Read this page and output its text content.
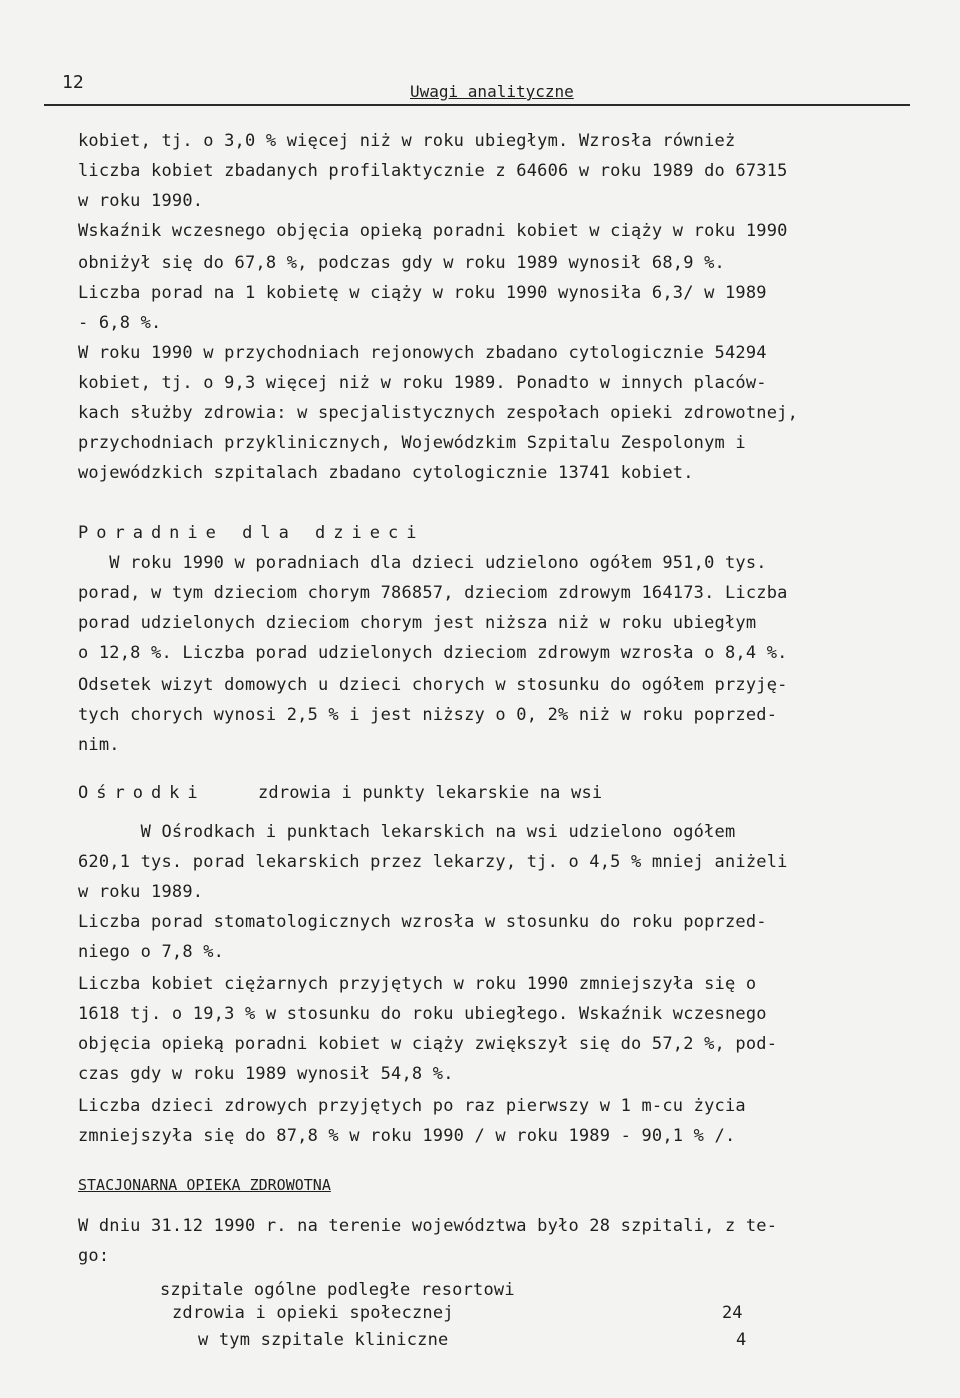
12	Uwagi analityczne
kobiet, tj. o 3,0 % więcej niż w roku ubiegłym. Wzrosła również
liczba kobiet zbadanych profilaktycznie z 64606 w roku 1989 do 67315
w roku 1990.
Wskaźnik wczesnego objęcia opieką poradni kobiet w ciąży w roku 1990
obniżył się do 67,8 %, podczas gdy w roku 1989 wynosił 68,9 %.
Liczba porad na 1 kobietę w ciąży w roku 1990 wynosiła 6,3/ w 1989
- 6,8 %.
W roku 1990 w przychodniach rejonowych zbadano cytologicznie 54294
kobiet, tj. o 9,3 więcej niż w roku 1989. Ponadto w innych placów-
kach służby zdrowia: w specjalistycznych zespołach opieki zdrowotnej,
przychodniach przyklinicznych, Wojewódzkim Szpitalu Zespolonym i
wojewódzkich szpitalach zbadano cytologicznie 13741 kobiet.
Poradnie dla dzieci
W roku 1990 w poradniach dla dzieci udzielono ogółem 951,0 tys.
porad, w tym dzieciom chorym 786857, dzieciom zdrowym 164173. Liczba
porad udzielonych dzieciom chorym jest niższa niż w roku ubiegłym
o 12,8 %. Liczba porad udzielonych dzieciom zdrowym wzrosła o 8,4 %.
Odsetek wizyt domowych u dzieci chorych w stosunku do ogółem przyję-
tych chorych wynosi 2,5 % i jest niższy o 0, 2% niż w roku poprzed-
nim.
Ośrodki	zdrowia i punkty lekarskie na wsi
W Ośrodkach i punktach lekarskich na wsi udzielono ogółem
620,1 tys. porad lekarskich przez lekarzy, tj. o 4,5 % mniej aniżeli
w roku 1989.
Liczba porad stomatologicznych wzrosła w stosunku do roku poprzed-
niego o 7,8 %.
Liczba kobiet ciężarnych przyjętych w roku 1990 zmniejszyła się o
1618 tj. o 19,3 % w stosunku do roku ubiegłego. Wskaźnik wczesnego
objęcia opieką poradni kobiet w ciąży zwiększył się do 57,2 %, pod-
czas gdy w roku 1989 wynosił 54,8 %.
Liczba dzieci zdrowych przyjętych po raz pierwszy w 1 m-cu życia
zmniejszyła się do 87,8 % w roku 1990 / w roku 1989 - 90,1 % /.
STACJONARNA OPIEKA ZDROWOTNA
W dniu 31.12 1990 r. na terenie województwa było 28 szpitali, z te-
go:
szpitale ogólne podległe resortowi
zdrowia i opieki społecznej	24
w tym szpitale kliniczne	4
